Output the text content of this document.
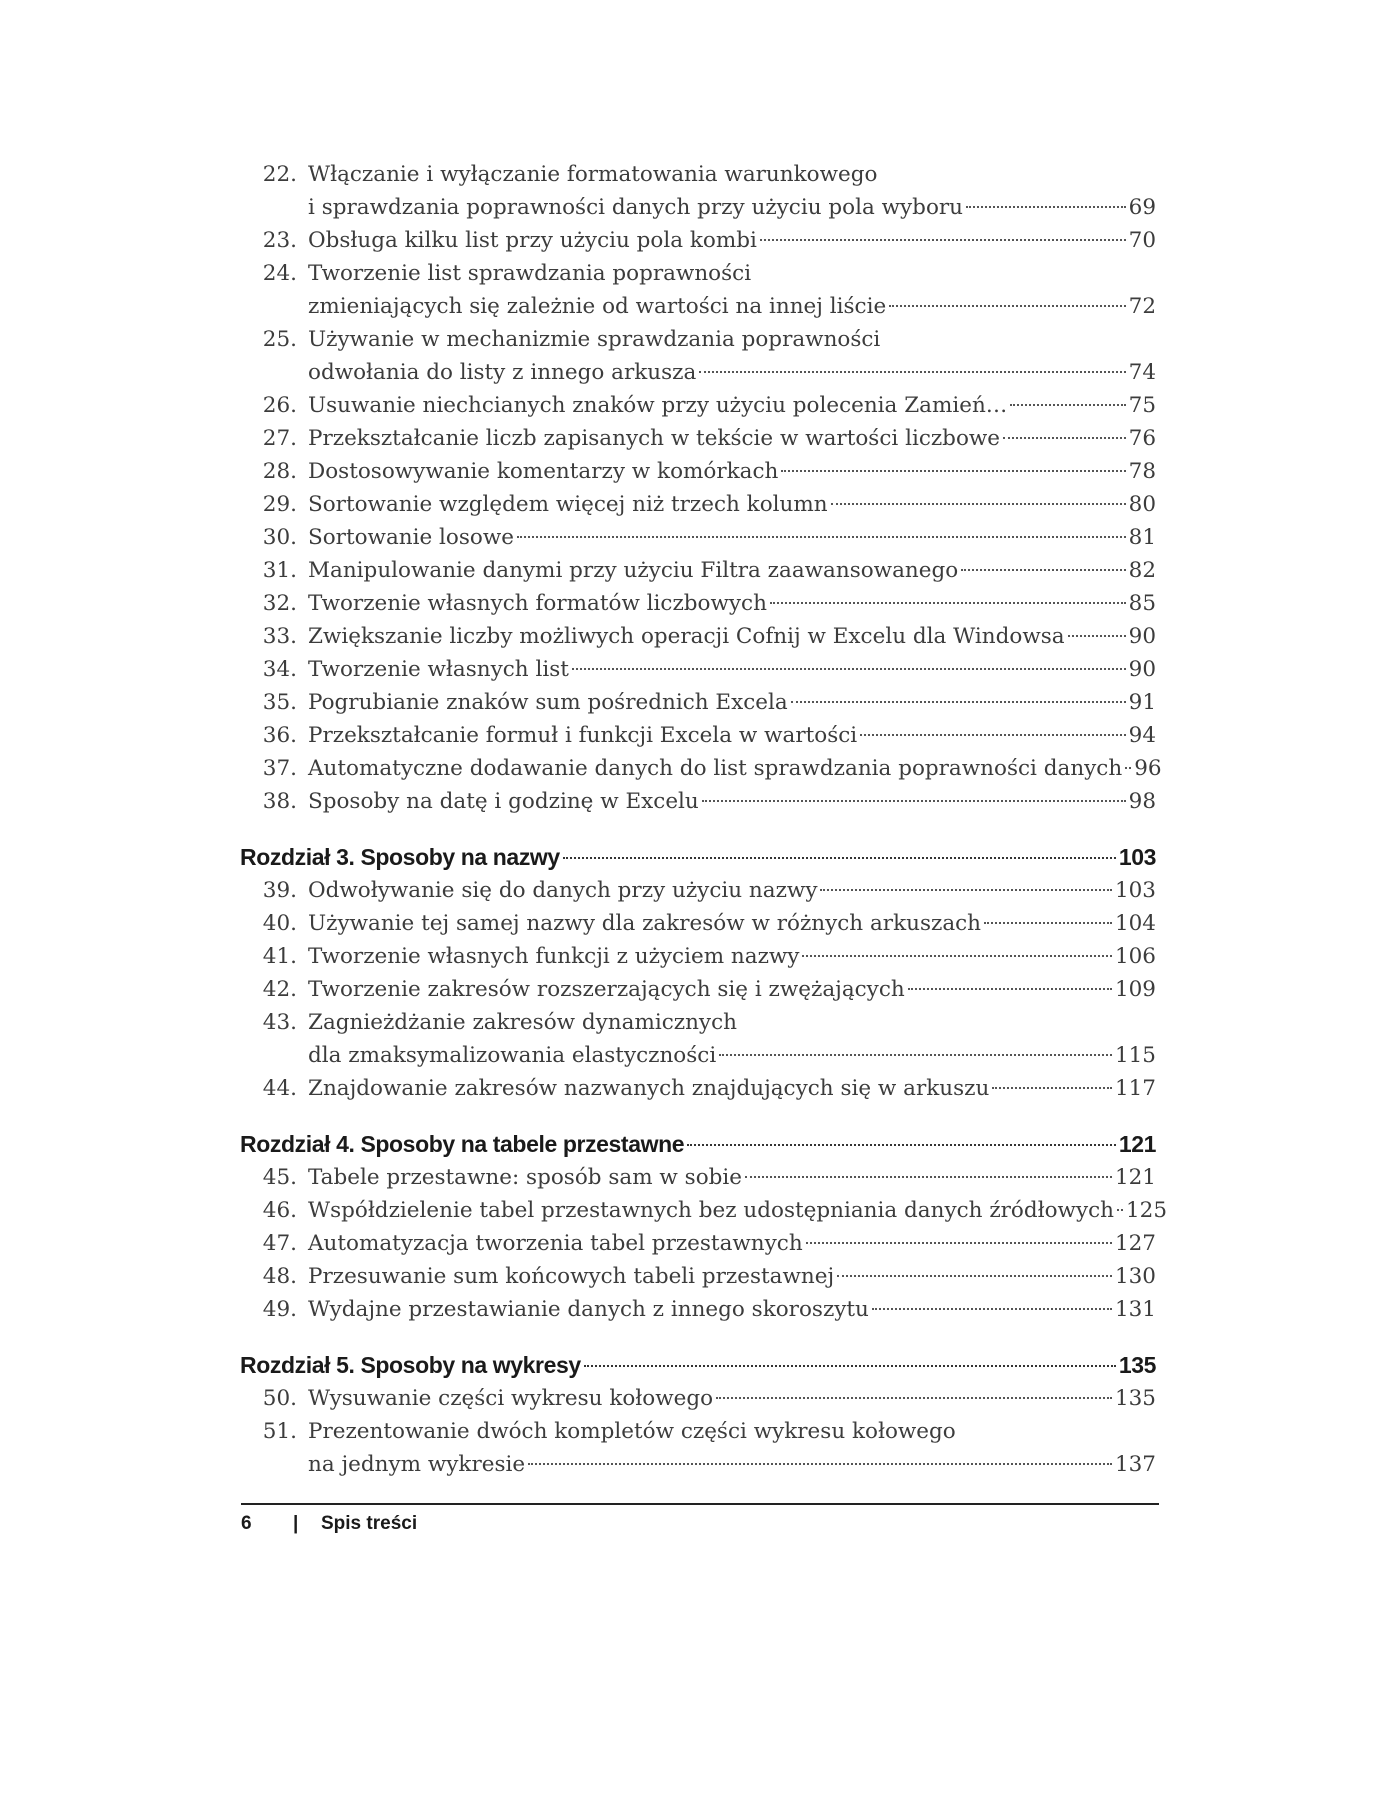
22. Włączanie i wyłączanie formatowania warunkowego
i sprawdzania poprawności danych przy użyciu pola wyboru	69
23. Obsługa kilku list przy użyciu pola kombi	70
24. Tworzenie list sprawdzania poprawności
zmieniających się zależnie od wartości na innej liście	72
25. Używanie w mechanizmie sprawdzania poprawności
odwołania do listy z innego arkusza	74
26. Usuwanie niechcianych znaków przy użyciu polecenia Zamień…	75
27. Przekształcanie liczb zapisanych w tekście w wartości liczbowe	76
28. Dostosowywanie komentarzy w komórkach	78
29. Sortowanie względem więcej niż trzech kolumn	80
30. Sortowanie losowe	81
31. Manipulowanie danymi przy użyciu Filtra zaawansowanego	82
32. Tworzenie własnych formatów liczbowych	85
33. Zwiększanie liczby możliwych operacji Cofnij w Excelu dla Windowsa	90
34. Tworzenie własnych list	90
35. Pogrubianie znaków sum pośrednich Excela	91
36. Przekształcanie formuł i funkcji Excela w wartości	94
37. Automatyczne dodawanie danych do list sprawdzania poprawności danych 96
38. Sposoby na datę i godzinę w Excelu	98
Rozdział 3. Sposoby na nazwy	103
39. Odwoływanie się do danych przy użyciu nazwy	103
40. Używanie tej samej nazwy dla zakresów w różnych arkuszach	104
41. Tworzenie własnych funkcji z użyciem nazwy	106
42. Tworzenie zakresów rozszerzających się i zwężających	109
43. Zagnieżdżanie zakresów dynamicznych
dla zmaksymalizowania elastyczności	115
44. Znajdowanie zakresów nazwanych znajdujących się w arkuszu	117
Rozdział 4. Sposoby na tabele przestawne	121
45. Tabele przestawne: sposób sam w sobie	121
46. Współdzielenie tabel przestawnych bez udostępniania danych źródłowych 125
47. Automatyzacja tworzenia tabel przestawnych	127
48. Przesuwanie sum końcowych tabeli przestawnej	130
49. Wydajne przestawianie danych z innego skoroszytu	131
Rozdział 5. Sposoby na wykresy	135
50. Wysuwanie części wykresu kołowego	135
51. Prezentowanie dwóch kompletów części wykresu kołowego
na jednym wykresie	137
6	|	Spis treści
